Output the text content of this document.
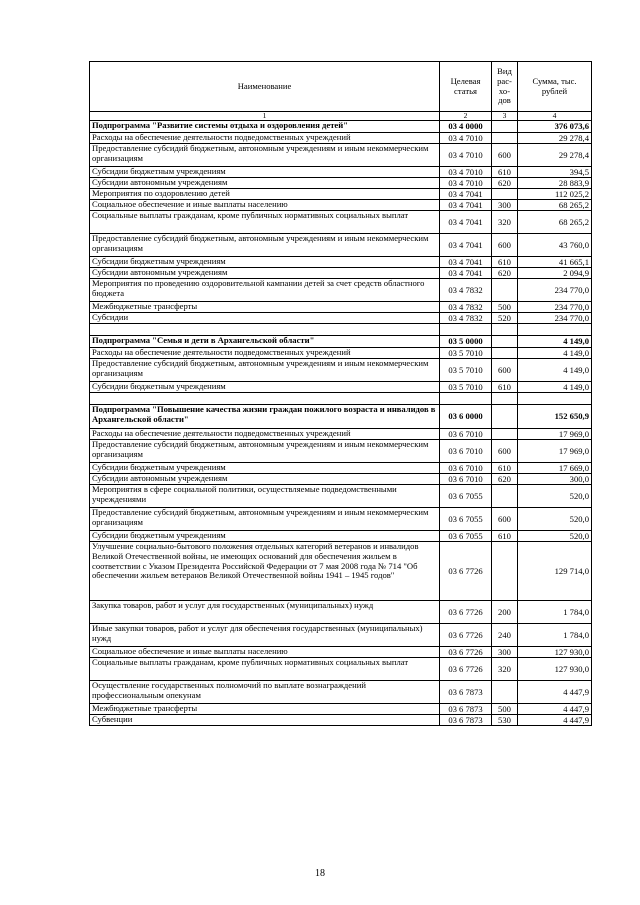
Наименование	Целевая статья	Вид
рас-
хо-
дов	Сумма, тыс. рублей
1	2	3	4
Подпрограмма "Развитие системы отдыха и оздоровления детей"	03 4 0000		376 073,6
Расходы на обеспечение деятельности подведомственных учреждений	03 4 7010		29 278,4
Предоставление субсидий бюджетным, автономным учреждениям и иным некоммерческим организациям	03 4 7010	600	29 278,4
Субсидии бюджетным учреждениям	03 4 7010	610	394,5
Субсидии автономным учреждениям	03 4 7010	620	28 883,9
Мероприятия по оздоровлению детей	03 4 7041		112 025,2
Социальное обеспечение и иные выплаты населению	03 4 7041	300	68 265,2
Социальные выплаты гражданам, кроме публичных нормативных социальных выплат	03 4 7041	320	68 265,2
Предоставление субсидий бюджетным, автономным учреждениям и иным некоммерческим организациям	03 4 7041	600	43 760,0
Субсидии бюджетным учреждениям	03 4 7041	610	41 665,1
Субсидии автономным учреждениям	03 4 7041	620	2 094,9
Мероприятия по проведению оздоровительной кампании детей за счет средств областного бюджета	03 4 7832		234 770,0
Межбюджетные трансферты	03 4 7832	500	234 770,0
Субсидии	03 4 7832	520	234 770,0

Подпрограмма "Семья и дети в Архангельской области"	03 5 0000		4 149,0
Расходы на обеспечение деятельности подведомственных учреждений	03 5 7010		4 149,0
Предоставление субсидий бюджетным, автономным учреждениям и иным некоммерческим организациям	03 5 7010	600	4 149,0
Субсидии бюджетным учреждениям	03 5 7010	610	4 149,0

Подпрограмма "Повышение качества жизни граждан пожилого возраста и инвалидов в Архангельской области"	03 6 0000		152 650,9
Расходы на обеспечение деятельности подведомственных учреждений	03 6 7010		17 969,0
Предоставление субсидий бюджетным, автономным учреждениям и иным некоммерческим организациям	03 6 7010	600	17 969,0
Субсидии бюджетным учреждениям	03 6 7010	610	17 669,0
Субсидии автономным учреждениям	03 6 7010	620	300,0
Мероприятия в сфере социальной политики, осуществляемые подведомственными учреждениями	03 6 7055		520,0
Предоставление субсидий бюджетным, автономным учреждениям и иным некоммерческим организациям	03 6 7055	600	520,0
Субсидии бюджетным учреждениям	03 6 7055	610	520,0
Улучшение социально-бытового положения отдельных категорий ветеранов и инвалидов Великой Отечественной войны, не имеющих оснований для обеспечения жильем в соответствии с Указом Президента Российской Федерации от 7 мая 2008 года № 714 "Об обеспечении жильем ветеранов Великой Отечественной войны 1941 – 1945 годов"	03 6 7726		129 714,0
Закупка товаров, работ и услуг для государственных (муниципальных) нужд	03 6 7726	200	1 784,0
Иные закупки товаров, работ и услуг для обеспечения государственных (муниципальных) нужд	03 6 7726	240	1 784,0
Социальное обеспечение и иные выплаты населению	03 6 7726	300	127 930,0
Социальные выплаты гражданам, кроме публичных нормативных социальных выплат	03 6 7726	320	127 930,0
Осуществление государственных полномочий по выплате вознаграждений профессиональным опекунам	03 6 7873		4 447,9
Межбюджетные трансферты	03 6 7873	500	4 447,9
Субвенции	03 6 7873	530	4 447,9
18
